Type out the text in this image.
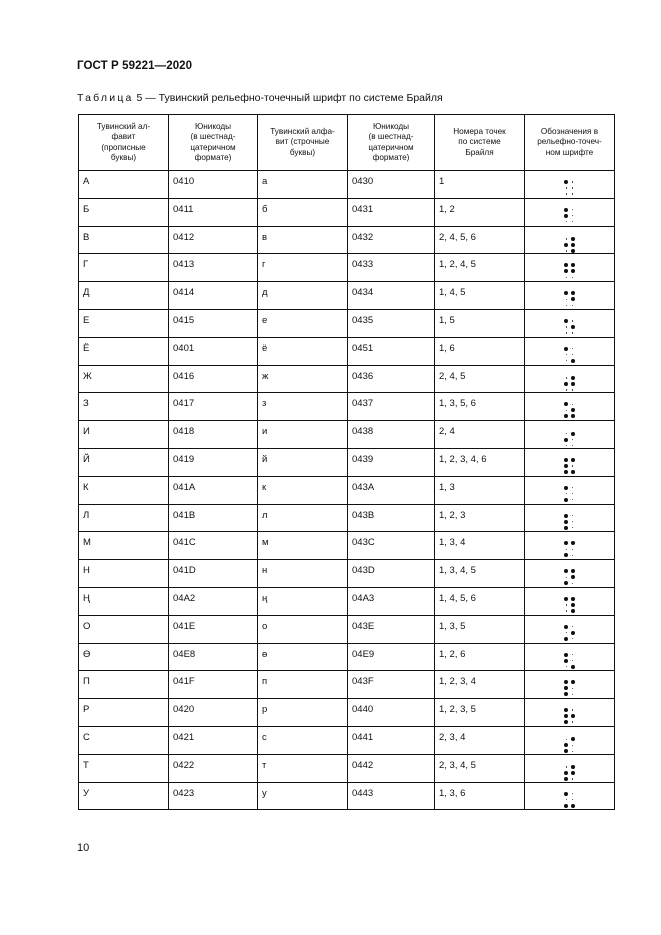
ГОСТ Р 59221—2020
Таблица 5 — Тувинский рельефно-точечный шрифт по системе Брайля
Тувинский ал-
фавит
(прописные
буквы)	Юникоды
(в шестнад-
цатеричном
формате)	Тувинский алфа-
вит (строчные
буквы)	Юникоды
(в шестнад-
цатеричном
формате)	Номера точек
по системе
Брайля	Обозначения в
рельефно-точеч-
ном шрифте
А	0410	а	0430	1	

Б	0411	б	0431	1, 2	

В	0412	в	0432	2, 4, 5, 6	

Г	0413	г	0433	1, 2, 4, 5	

Д	0414	д	0434	1, 4, 5	

Е	0415	е	0435	1, 5	

Ё	0401	ё	0451	1, 6	

Ж	0416	ж	0436	2, 4, 5	

З	0417	з	0437	1, 3, 5, 6	

И	0418	и	0438	2, 4	

Й	0419	й	0439	1, 2, 3, 4, 6	

К	041A	к	043A	1, 3	

Л	041B	л	043B	1, 2, 3	

М	041C	м	043C	1, 3, 4	

Н	041D	н	043D	1, 3, 4, 5	

Ң	04A2	ң	04A3	1, 4, 5, 6	

О	041E	о	043E	1, 3, 5	

Ө	04E8	ө	04E9	1, 2, 6	

П	041F	п	043F	1, 2, 3, 4	

Р	0420	р	0440	1, 2, 3, 5	

С	0421	с	0441	2, 3, 4	

Т	0422	т	0442	2, 3, 4, 5	

У	0423	у	0443	1, 3, 6	
10
